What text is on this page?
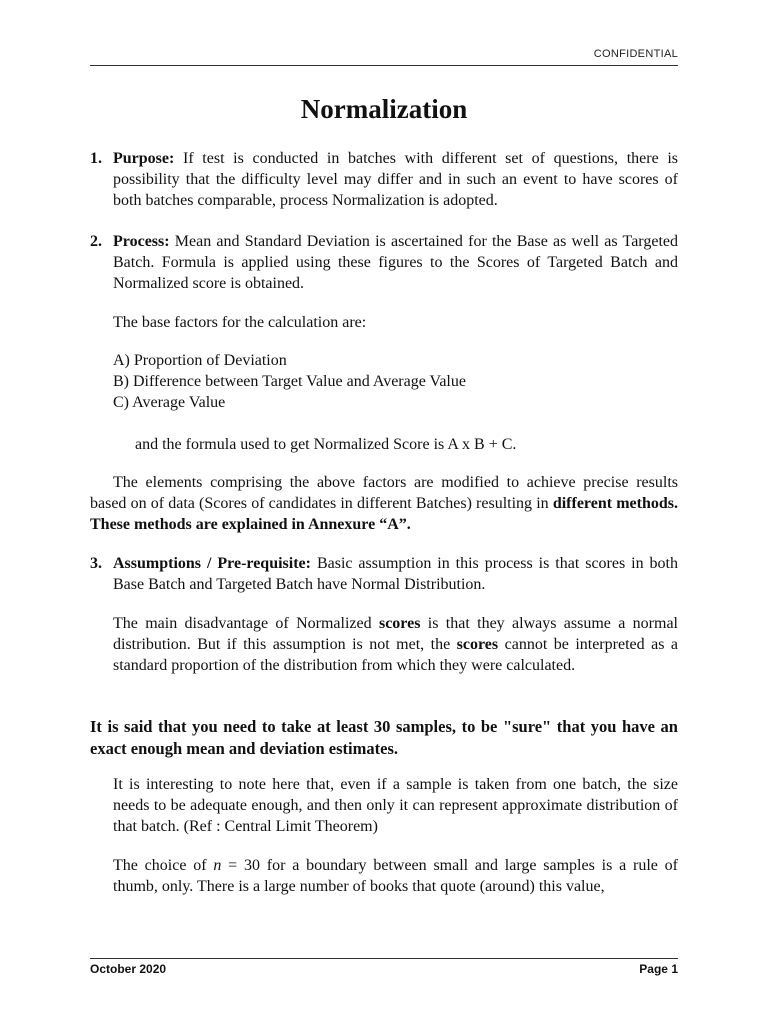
CONFIDENTIAL
Normalization
1. Purpose: If test is conducted in batches with different set of questions, there is possibility that the difficulty level may differ and in such an event to have scores of both batches comparable, process Normalization is adopted.
2. Process: Mean and Standard Deviation is ascertained for the Base as well as Targeted Batch. Formula is applied using these figures to the Scores of Targeted Batch and Normalized score is obtained.
The base factors for the calculation are:
A) Proportion of Deviation
B) Difference between Target Value and Average Value
C) Average Value
and the formula used to get Normalized Score is A x B + C.
The elements comprising the above factors are modified to achieve precise results based on of data (Scores of candidates in different Batches) resulting in different methods. These methods are explained in Annexure “A”.
3. Assumptions / Pre-requisite: Basic assumption in this process is that scores in both Base Batch and Targeted Batch have Normal Distribution.
The main disadvantage of Normalized scores is that they always assume a normal distribution. But if this assumption is not met, the scores cannot be interpreted as a standard proportion of the distribution from which they were calculated.
It is said that you need to take at least 30 samples, to be "sure" that you have an exact enough mean and deviation estimates.
It is interesting to note here that, even if a sample is taken from one batch, the size needs to be adequate enough, and then only it can represent approximate distribution of that batch. (Ref : Central Limit Theorem)
The choice of n = 30 for a boundary between small and large samples is a rule of thumb, only. There is a large number of books that quote (around) this value,
October 2020	Page 1
